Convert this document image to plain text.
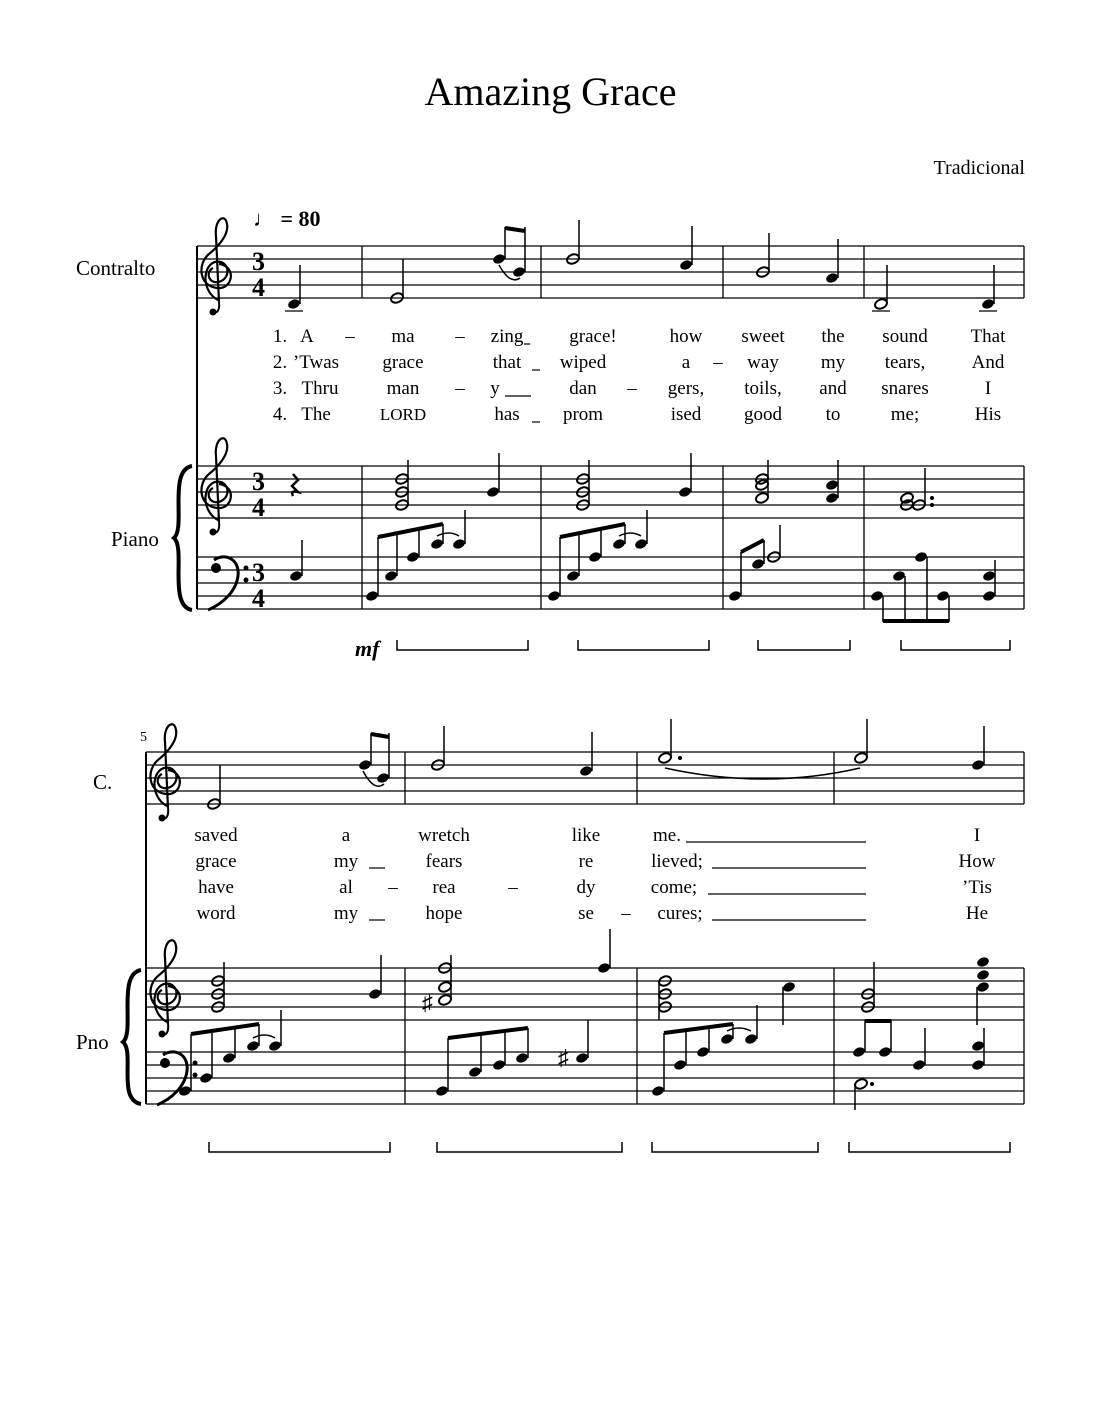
Amazing Grace
Tradicional
Contralto
Piano
C.
Pno
♩ = 80
3
4
1. A – ma – zing grace!	how sweet the sound That
2. ’Twas grace	that wiped	a – way my tears, And
3. Thru	man – y	dan – gers, toils, and snares	I
4. The	LORD	has prom	ised good to	me;	His
3
4
3
4
mf
5
saved	a	wretch	like	me.	I
grace	my	fears	re	lieved;	How
have	al – rea	–	dy	come;	’Tis
word	my	hope	se – cures;	He
♯
♯
